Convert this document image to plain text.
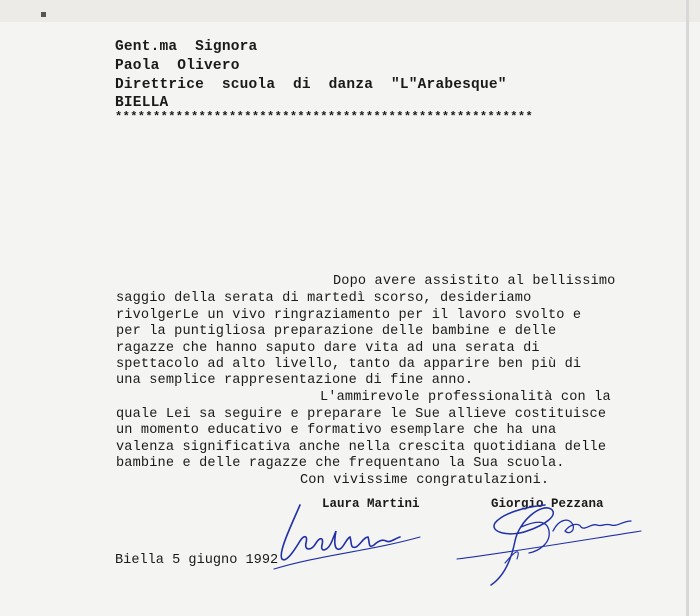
Gent.ma  Signora
Paola  Olivero
Direttrice  scuola  di  danza  "L"Arabesque"
BIELLA
*******************************************************
Dopo avere assistito al bellissimo
saggio della serata di martedì scorso, desideriamo
rivolgerLe un vivo ringraziamento per il lavoro svolto e
per la puntigliosa preparazione delle bambine e delle
ragazze che hanno saputo dare vita ad una serata di
spettacolo ad alto livello, tanto da apparire ben più di
una semplice rappresentazione di fine anno.
L'ammirevole professionalità con la
quale Lei sa seguire e preparare le Sue allieve costituisce
un momento educativo e formativo esemplare che ha una
valenza significativa anche nella crescita quotidiana delle
bambine e delle ragazze che frequentano la Sua scuola.
Con vivissime congratulazioni.
Laura Martini	Giorgio Pezzana
Biella 5 giugno 1992
